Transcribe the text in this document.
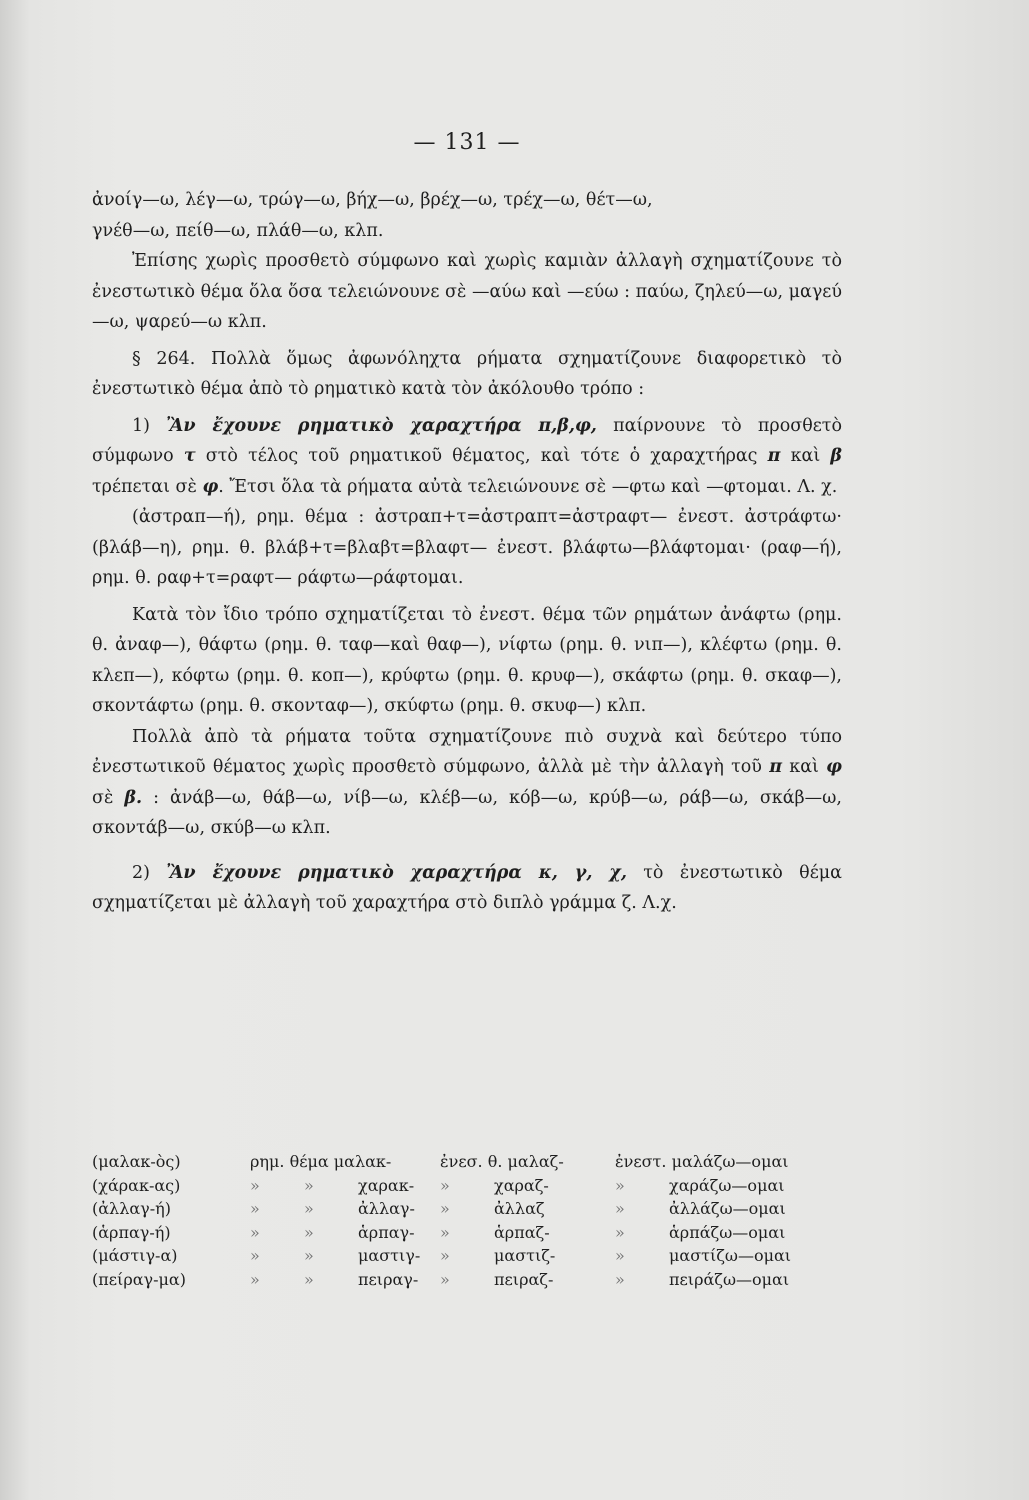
— 131 —

ἀνοίγ—ω, λέγ—ω, τρώγ—ω, βήχ—ω, βρέχ—ω, τρέχ—ω, θέτ—ω,

γνέθ—ω, πείθ—ω, πλάθ—ω, κλπ.

Ἐπίσης χωρὶς προσθετὸ σύμφωνο καὶ χωρὶς καμιὰν ἀλλαγὴ σχηματίζουνε τὸ ἐνεστωτικὸ θέμα ὅλα ὅσα τελειώνουνε σὲ —αύω καὶ —εύω : παύω, ζηλεύ—ω, μαγεύ—ω, ψαρεύ—ω κλπ.

§ 264. Πολλὰ ὅμως ἀφωνόληχτα ρήματα σχηματίζουνε διαφορετικὸ τὸ ἐνεστωτικὸ θέμα ἀπὸ τὸ ρηματικὸ κατὰ τὸν ἀκόλουθο τρόπο :

1) Ἂν ἔχουνε ρηματικὸ χαραχτήρα π,β,φ, παίρνουνε τὸ προσθετὸ σύμφωνο τ στὸ τέλος τοῦ ρηματικοῦ θέματος, καὶ τότε ὁ χαραχτήρας π καὶ β τρέπεται σὲ φ. Ἔτσι ὅλα τὰ ρήματα αὐτὰ τελειώνουνε σὲ —φτω καὶ —φτομαι. Λ. χ.

(ἀστραπ—ή), ρημ. θέμα : ἀστραπ+τ=ἀστραπτ=ἀστραφτ— ἐνεστ. ἀστράφτω· (βλάβ—η), ρημ. θ. βλάβ+τ=βλαβτ=βλαφτ— ἐνεστ. βλάφτω—βλάφτομαι· (ραφ—ή), ρημ. θ. ραφ+τ=ραφτ— ράφτω—ράφτομαι.

Κατὰ τὸν ἴδιο τρόπο σχηματίζεται τὸ ἐνεστ. θέμα τῶν ρημάτων ἀνάφτω (ρημ. θ. ἀναφ—), θάφτω (ρημ. θ. ταφ—καὶ θαφ—), νίφτω (ρημ. θ. νιπ—), κλέφτω (ρημ. θ. κλεπ—), κόφτω (ρημ. θ. κοπ—), κρύφτω (ρημ. θ. κρυφ—), σκάφτω (ρημ. θ. σκαφ—), σκοντάφτω (ρημ. θ. σκονταφ—), σκύφτω (ρημ. θ. σκυφ—) κλπ.

Πολλὰ ἀπὸ τὰ ρήματα τοῦτα σχηματίζουνε πιὸ συχνὰ καὶ δεύτερο τύπο ἐνεστωτικοῦ θέματος χωρὶς προσθετὸ σύμφωνο, ἀλλὰ μὲ τὴν ἀλλαγὴ τοῦ π καὶ φ σὲ β. : ἀνάβ—ω, θάβ—ω, νίβ—ω, κλέβ—ω, κόβ—ω, κρύβ—ω, ράβ—ω, σκάβ—ω, σκοντάβ—ω, σκύβ—ω κλπ.

2) Ἂν ἔχουνε ρηματικὸ χαραχτήρα κ, γ, χ, τὸ ἐνεστωτικὸ θέμα σχηματίζεται μὲ ἀλλαγὴ τοῦ χαραχτήρα στὸ διπλὸ γράμμα ζ. Λ.χ.

(μαλακ-ὸς)	ρημ. θέμα μαλακ-	ἐνεσ. θ. μαλαζ-	ἐνεστ. μαλάζω—ομαι
(χάρακ-ας)	»	»	χαρακ-	»	χαραζ-	»	χαράζω—ομαι
(ἀλλαγ-ή)	»	»	ἀλλαγ-	»	ἀλλαζ	»	ἀλλάζω—ομαι
(ἁρπαγ-ή)	»	»	ἁρπαγ-	»	ἁρπαζ-	»	ἁρπάζω—ομαι
(μάστιγ-α)	»	»	μαστιγ-	»	μαστιζ-	»	μαστίζω—ομαι
(πείραγ-μα)	»	»	πειραγ-	»	πειραζ-	»	πειράζω—ομαι
